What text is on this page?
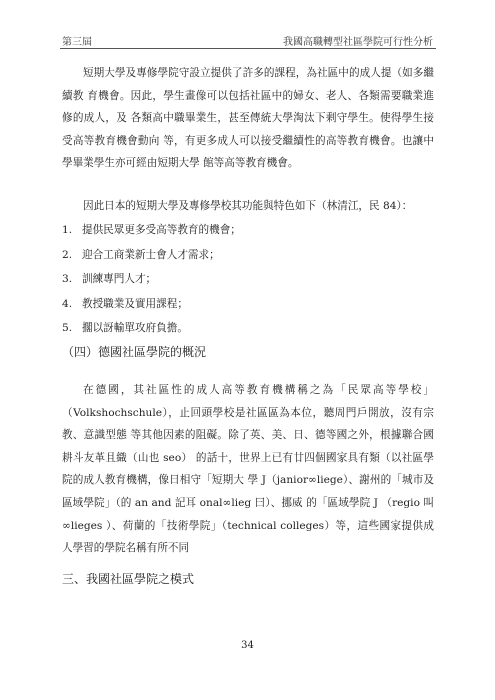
第三屆	我國高職轉型社區學院可行性分析

短期大學及專修學院守設立提供了許多的課程，為社區中的成人提（如多繼續教 育機會。因此，學生畫像可以包括社區中的婦女、老人、各類需要職業進修的成人，及 各類高中職畢業生，甚至傳統大學淘汰下剩守學生。使得學生接受高等教育機會動向 等，有更多成人可以接受繼續性的高等教育機會。也讓中學畢業學生亦可經由短期大學 館等高等教育機會。

因此日本的短期大學及專修學校其功能與特色如下（林清江，民 84）：

1. 提供民眾更多受高等教育的機會；
2. 迎合工商業新士會人才需求；
3. 訓練專門人才；
4. 教授職業及實用課程；
5. 擱以訝輸單攻府負擔。
（四）德國社區學院的概況

在德國，其社區性的成人高等教育機構稱之為「民眾高等學校」（Volkshochschule），止回頭學校是社區區為本位，聽周門戶開放，沒有宗教、意識型態 等其他因素的阻礙。除了英、美、日、德等國之外，根據聯合國耕斗友革且織（山也 seo） 的話十，世界上已有廿四個國家具有類（以社區學院的成人教育機構，像日相守「短期大 學 J（janior∞liege）、謝州的「城市及區域學院」（的 an and 記耳 onal∞lieg 曰）、挪威 的「區域學院 J （regio 叫∞lieges ）、荷蘭的「技術學院」（technical colleges）等，這些國家提供成人學習的學院名稱有所不同

三、我國社區學院之模式
34
